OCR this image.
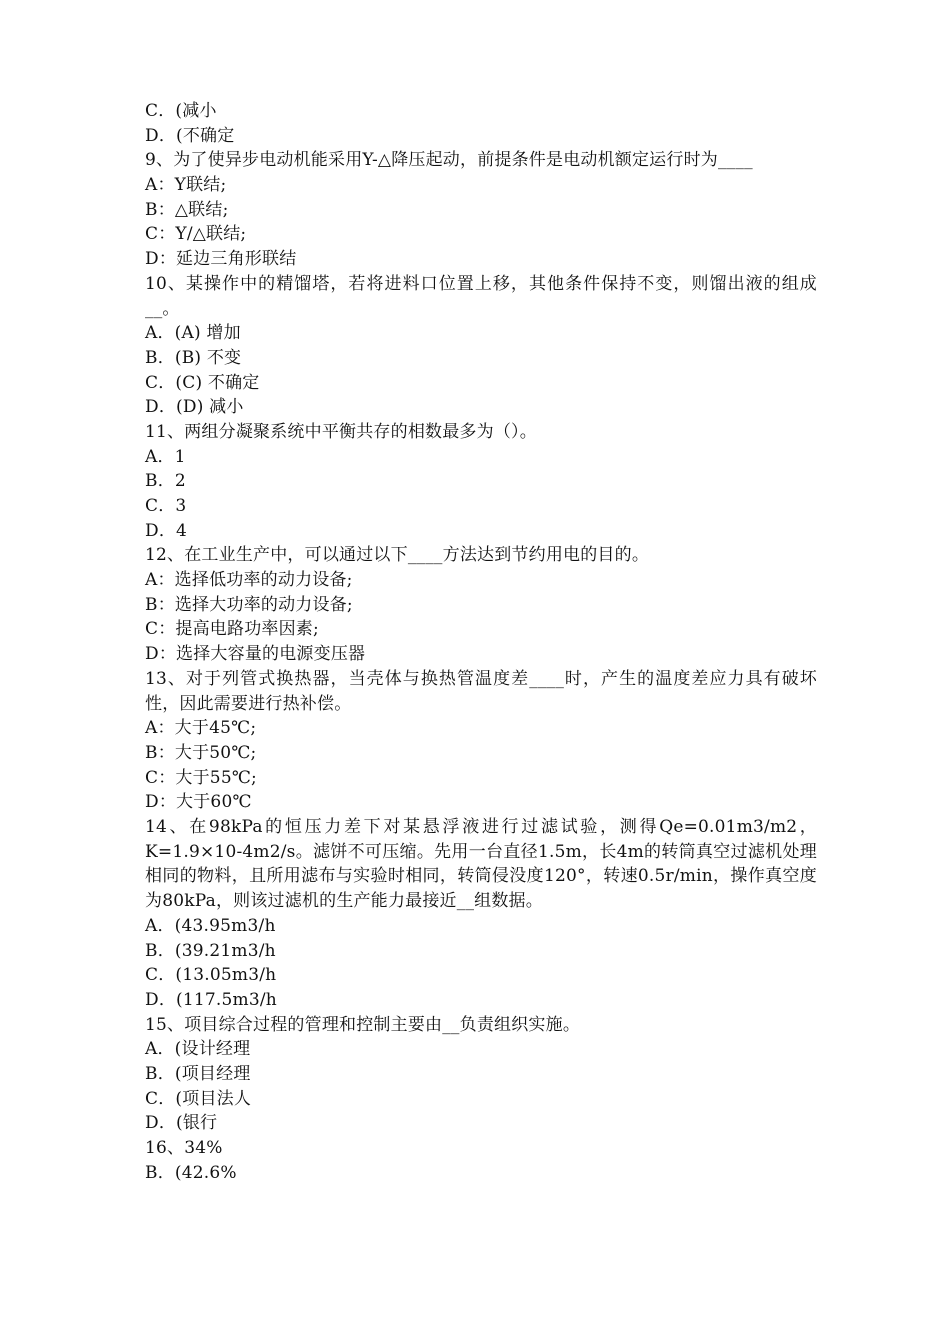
C．(减小
D．(不确定
9、为了使异步电动机能采用Y-△降压起动，前提条件是电动机额定运行时为____
A：Y联结;
B：△联结;
C：Y/△联结;
D：延边三角形联结
10、某操作中的精馏塔，若将进料口位置上移，其他条件保持不变，则馏出液的组成__。
A．(A) 增加
B．(B) 不变
C．(C) 不确定
D．(D) 减小
11、两组分凝聚系统中平衡共存的相数最多为（）。
A．1
B．2
C．3
D．4
12、在工业生产中，可以通过以下____方法达到节约用电的目的。
A：选择低功率的动力设备;
B：选择大功率的动力设备;
C：提高电路功率因素;
D：选择大容量的电源变压器
13、对于列管式换热器，当壳体与换热管温度差____时，产生的温度差应力具有破坏性，因此需要进行热补偿。
A：大于45℃;
B：大于50℃;
C：大于55℃;
D：大于60℃
14、在98kPa的恒压力差下对某悬浮液进行过滤试验，测得Qe=0.01m3/m2，K=1.9×10-4m2/s。滤饼不可压缩。先用一台直径1.5m，长4m的转筒真空过滤机处理相同的物料，且所用滤布与实验时相同，转筒侵没度120°，转速0.5r/min，操作真空度为80kPa，则该过滤机的生产能力最接近__组数据。
A．(43.95m3/h
B．(39.21m3/h
C．(13.05m3/h
D．(117.5m3/h
15、项目综合过程的管理和控制主要由__负责组织实施。
A．(设计经理
B．(项目经理
C．(项目法人
D．(银行
16、34%
B．(42.6%
